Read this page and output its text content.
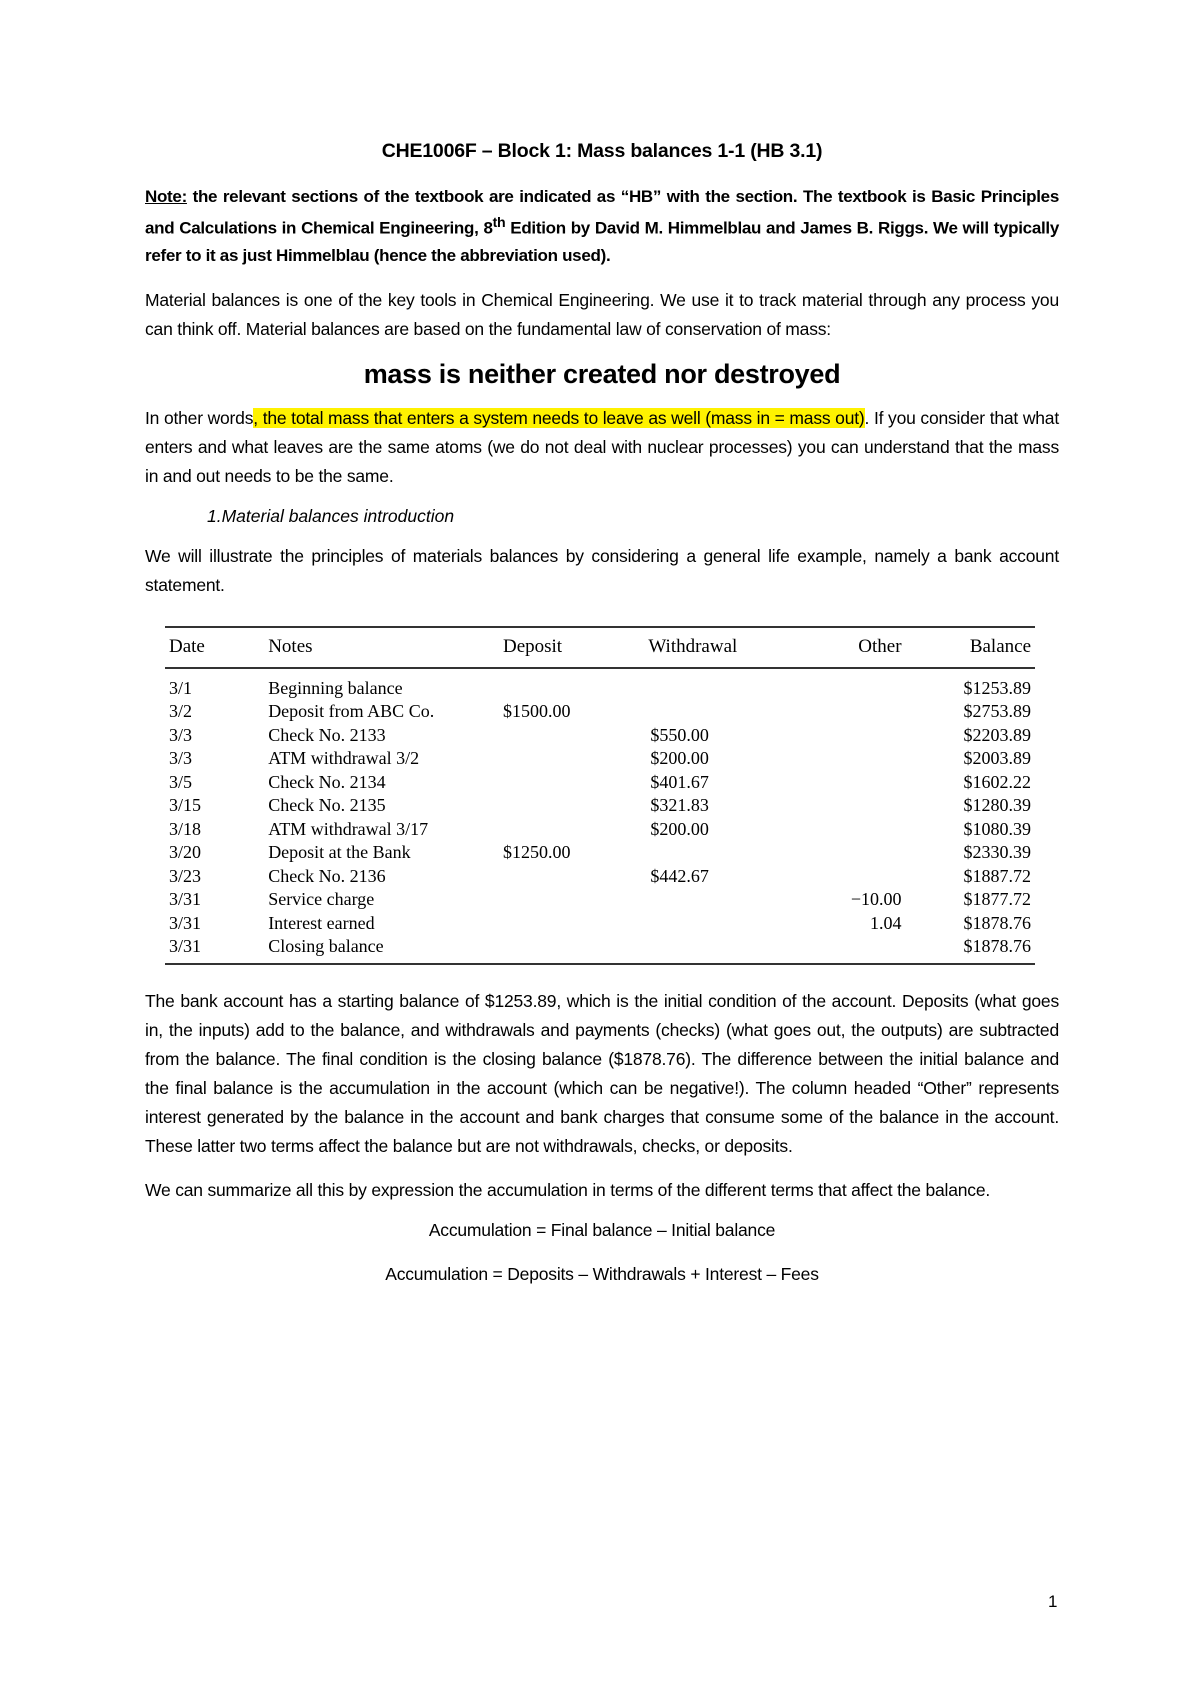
CHE1006F – Block 1: Mass balances 1-1 (HB 3.1)

Note: the relevant sections of the textbook are indicated as “HB” with the section. The textbook is Basic Principles and Calculations in Chemical Engineering, 8th Edition by David M. Himmelblau and James B. Riggs. We will typically refer to it as just Himmelblau (hence the abbreviation used).

Material balances is one of the key tools in Chemical Engineering. We use it to track material through any process you can think off. Material balances are based on the fundamental law of conservation of mass:

mass is neither created nor destroyed

In other words, the total mass that enters a system needs to leave as well (mass in = mass out). If you consider that what enters and what leaves are the same atoms (we do not deal with nuclear processes) you can understand that the mass in and out needs to be the same.

1.Material balances introduction

We will illustrate the principles of materials balances by considering a general life example, namely a bank account statement.

Date	Notes	Deposit	Withdrawal	Other	Balance
3/1	Beginning balance				$1253.89
3/2	Deposit from ABC Co.	$1500.00			$2753.89
3/3	Check No. 2133		$550.00		$2203.89
3/3	ATM withdrawal 3/2		$200.00		$2003.89
3/5	Check No. 2134		$401.67		$1602.22
3/15	Check No. 2135		$321.83		$1280.39
3/18	ATM withdrawal 3/17		$200.00		$1080.39
3/20	Deposit at the Bank	$1250.00			$2330.39
3/23	Check No. 2136		$442.67		$1887.72
3/31	Service charge			−10.00	$1877.72
3/31	Interest earned			1.04	$1878.76
3/31	Closing balance				$1878.76

The bank account has a starting balance of $1253.89, which is the initial condition of the account. Deposits (what goes in, the inputs) add to the balance, and withdrawals and payments (checks) (what goes out, the outputs) are subtracted from the balance. The final condition is the closing balance ($1878.76). The difference between the initial balance and the final balance is the accumulation in the account (which can be negative!). The column headed “Other” represents interest generated by the balance in the account and bank charges that consume some of the balance in the account. These latter two terms affect the balance but are not withdrawals, checks, or deposits.

We can summarize all this by expression the accumulation in terms of the different terms that affect the balance.

Accumulation = Final balance – Initial balance
Accumulation = Deposits – Withdrawals + Interest – Fees
1
